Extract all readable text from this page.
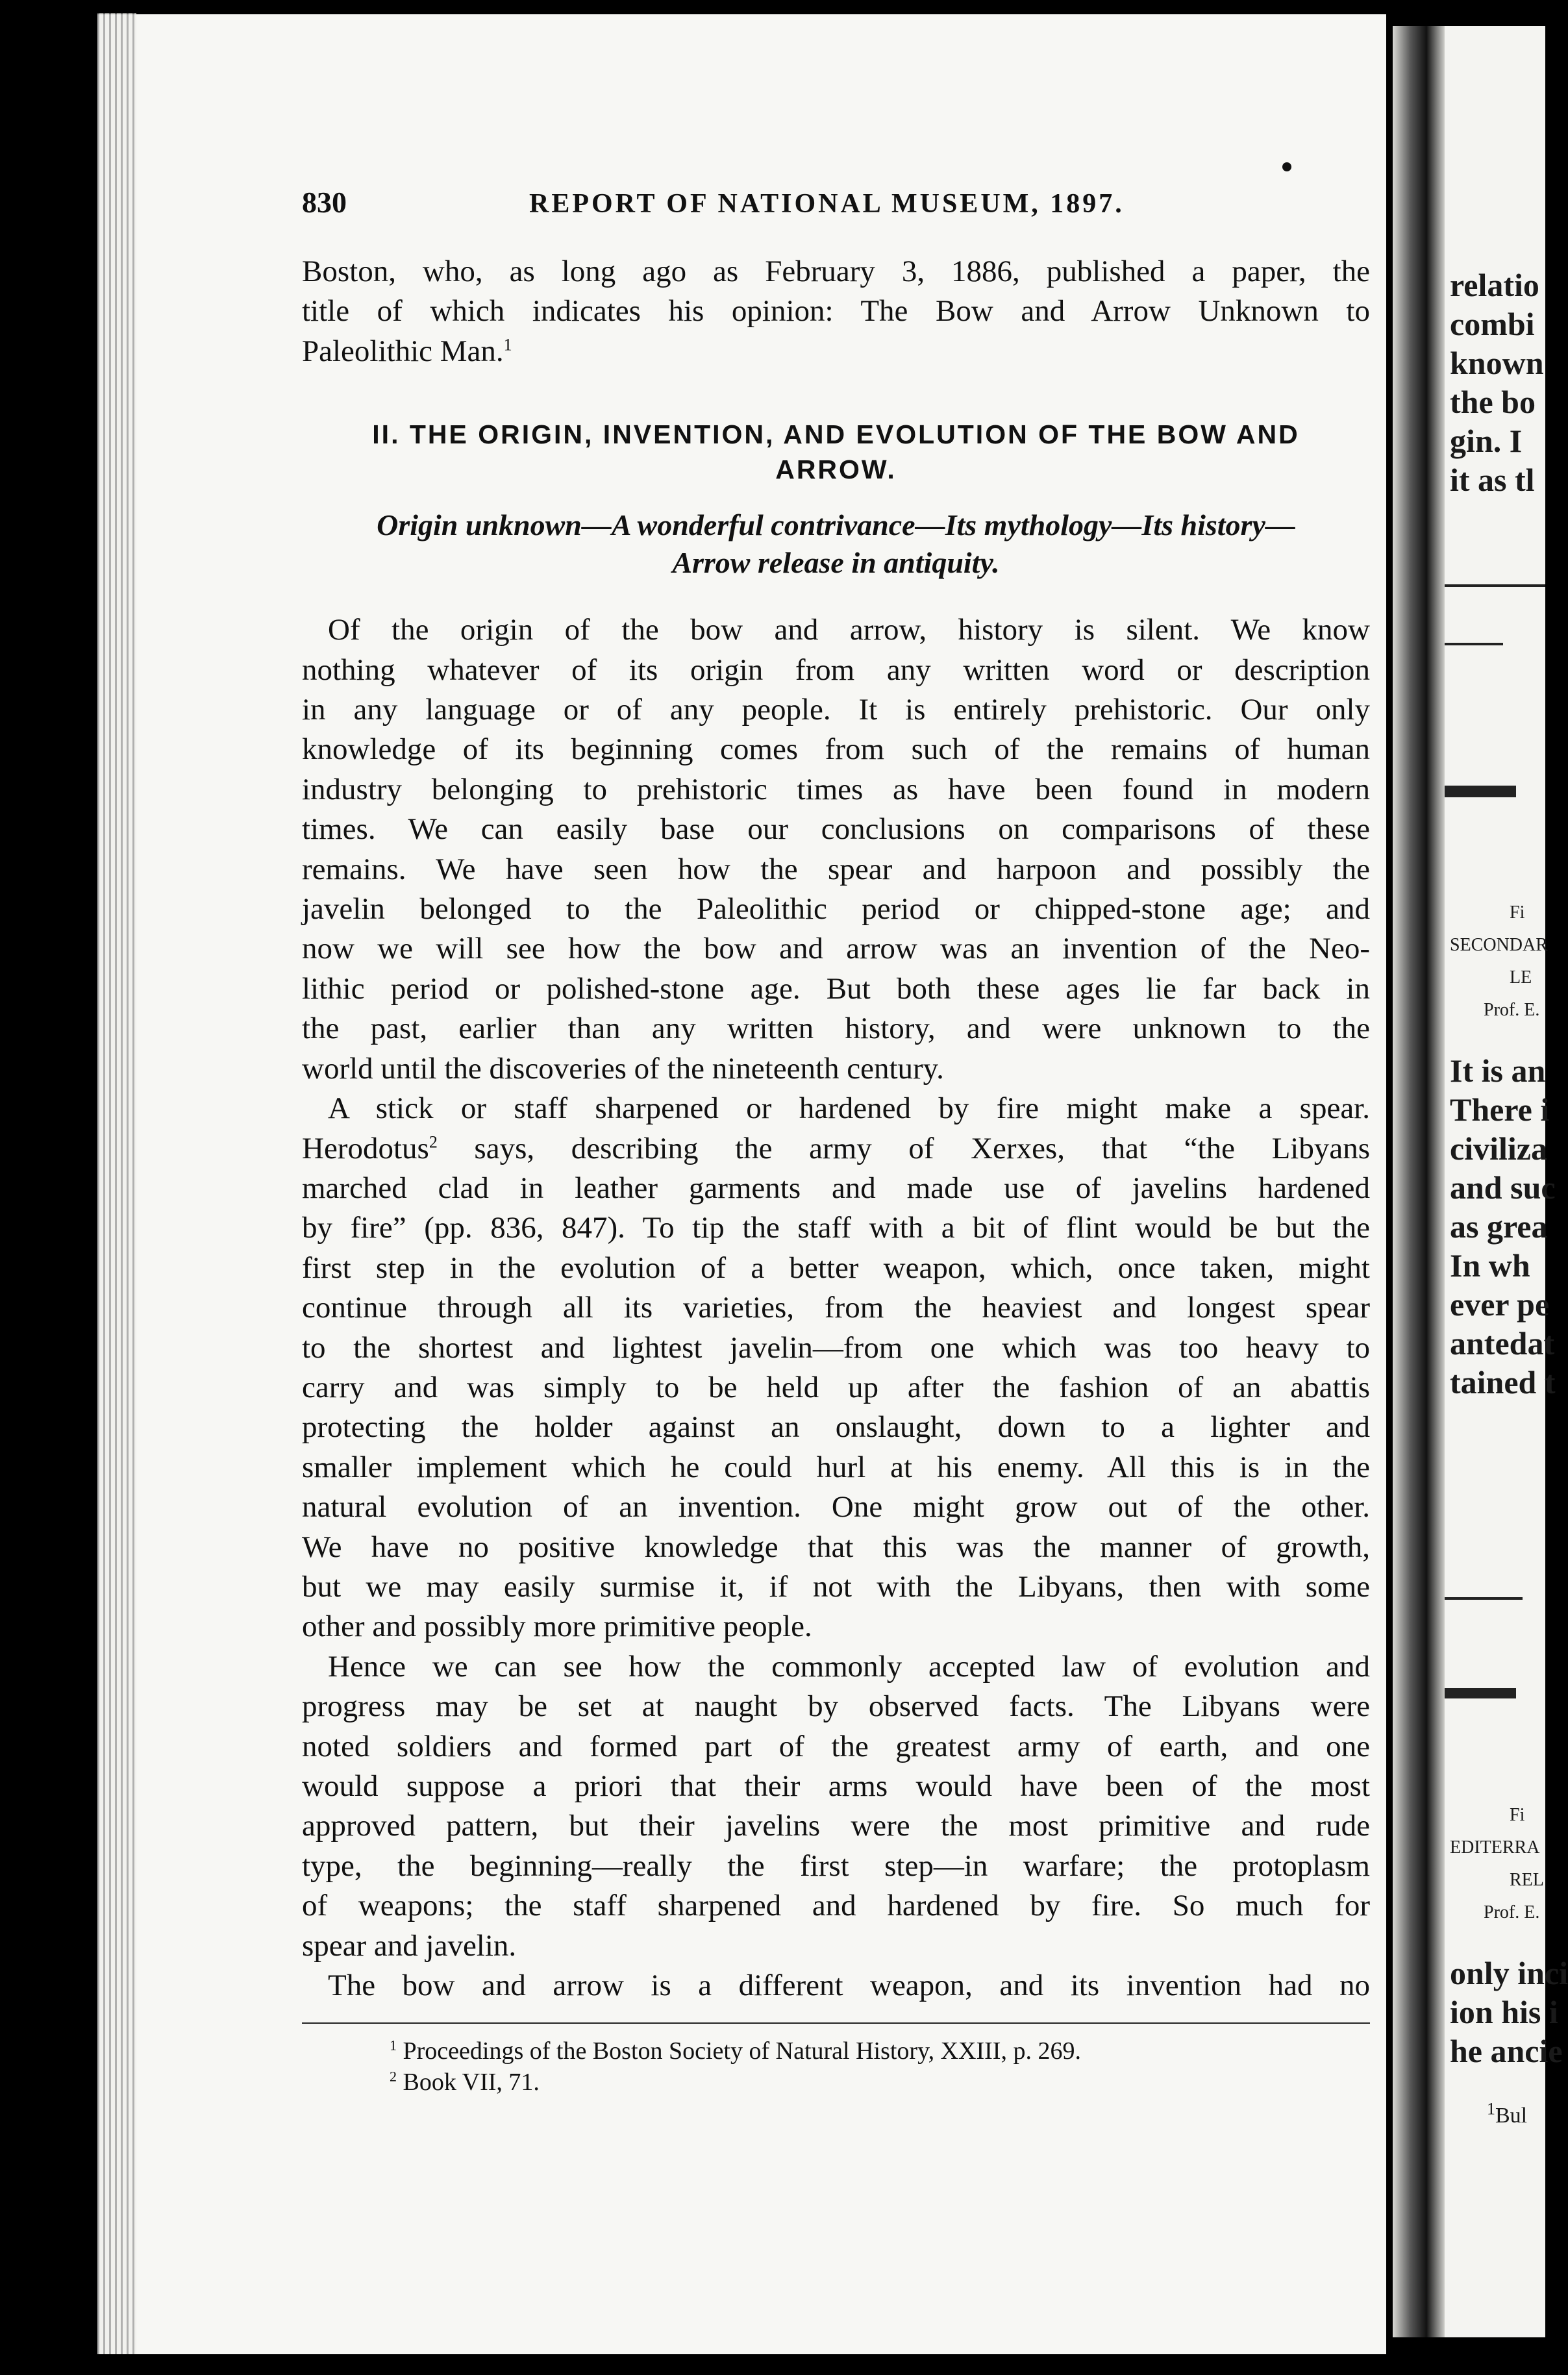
relatio
combi
known
the bo
gin. I
it as tl
Fi
SECONDAR
LE
Prof. E.
It is an
There i
civiliza
and suc
as grea
In wh
ever pe
antedat
tained t
Fi
EDITERRA
REL
Prof. E.
only inci
ion his i
he ancie
$^1$Bul
830	REPORT OF NATIONAL MUSEUM, 1897.

Boston, who, as long ago as February 3, 1886, published a paper, the

title of which indicates his opinion: The Bow and Arrow Unknown to

Paleolithic Man.$^1$

II. THE ORIGIN, INVENTION, AND EVOLUTION OF THE BOW AND
ARROW.
Origin unknown—A wonderful contrivance—Its mythology—Its history—
Arrow release in antiquity.

Of the origin of the bow and arrow, history is silent. We know

nothing whatever of its origin from any written word or description

in any language or of any people. It is entirely prehistoric. Our only

knowledge of its beginning comes from such of the remains of human

industry belonging to prehistoric times as have been found in modern

times. We can easily base our conclusions on comparisons of these

remains. We have seen how the spear and harpoon and possibly the

javelin belonged to the Paleolithic period or chipped-stone age; and

now we will see how the bow and arrow was an invention of the Neo-

lithic period or polished-stone age. But both these ages lie far back in

the past, earlier than any written history, and were unknown to the

world until the discoveries of the nineteenth century.

A stick or staff sharpened or hardened by fire might make a spear.

Herodotus$^2$ says, describing the army of Xerxes, that “the Libyans

marched clad in leather garments and made use of javelins hardened

by fire” (pp. 836, 847). To tip the staff with a bit of flint would be but the

first step in the evolution of a better weapon, which, once taken, might

continue through all its varieties, from the heaviest and longest spear

to the shortest and lightest javelin—from one which was too heavy to

carry and was simply to be held up after the fashion of an abattis

protecting the holder against an onslaught, down to a lighter and

smaller implement which he could hurl at his enemy. All this is in the

natural evolution of an invention. One might grow out of the other.

We have no positive knowledge that this was the manner of growth,

but we may easily surmise it, if not with the Libyans, then with some

other and possibly more primitive people.

Hence we can see how the commonly accepted law of evolution and

progress may be set at naught by observed facts. The Libyans were

noted soldiers and formed part of the greatest army of earth, and one

would suppose a priori that their arms would have been of the most

approved pattern, but their javelins were the most primitive and rude

type, the beginning—really the first step—in warfare; the protoplasm

of weapons; the staff sharpened and hardened by fire. So much for

spear and javelin.

The bow and arrow is a different weapon, and its invention had no

$^1$ Proceedings of the Boston Society of Natural History, XXIII, p. 269.
$^2$ Book VII, 71.
